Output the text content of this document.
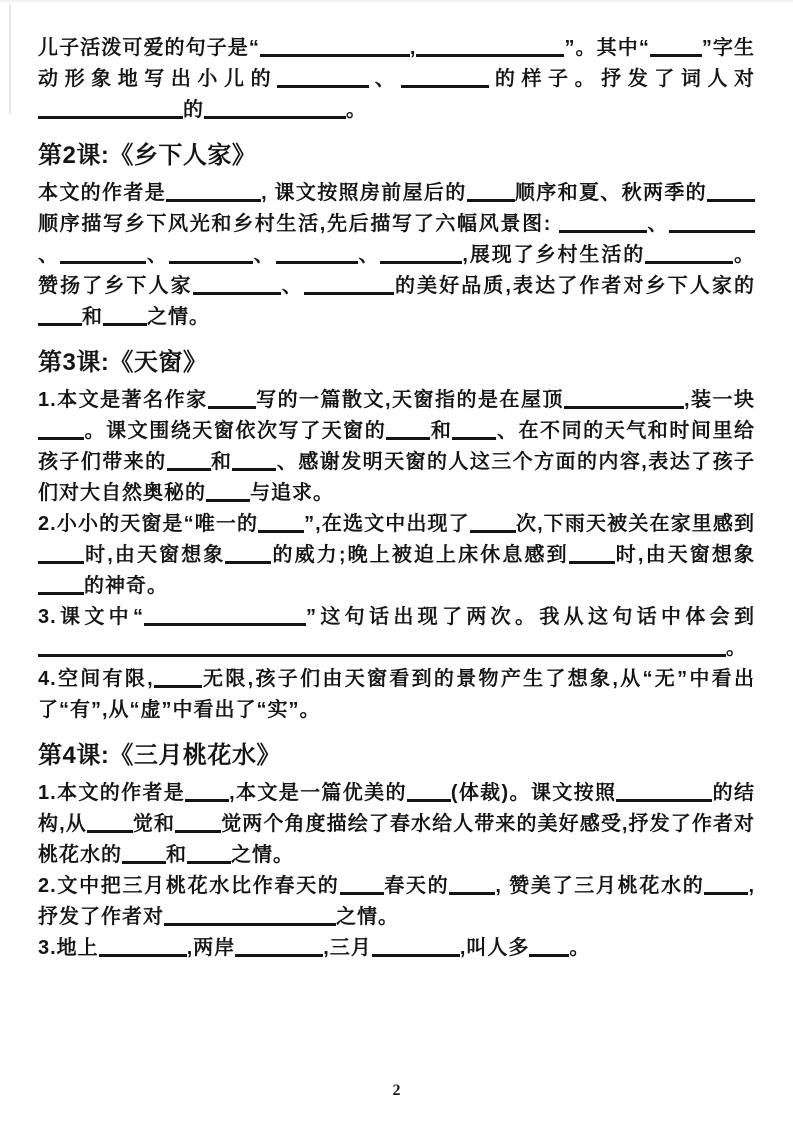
儿子活泼可爱的句子是“	,	”。其中“	”字生动形象地写出小儿的	、	的样子。抒发了词人对的	。

第2课:《乡下人家》

本文的作者是	, 课文按照房前屋后的 顺序和夏、秋两季的顺序描写乡下风光和乡村生活,先后描写了六幅风景图:	、、	、	、	、	,展现了乡村生活的	。赞扬了乡下人家	、	的美好品质,表达了作者对乡下人家的和 之情。

第3课:《天窗》

1.本文是著名作家 写的一篇散文,天窗指的是在屋顶	,装一块。课文围绕天窗依次写了天窗的 和 、在不同的天气和时间里给孩子们带来的 和 、感谢发明天窗的人这三个方面的内容,表达了孩子们对大自然奥秘的 与追求。

2.小小的天窗是“唯一的 ”,在选文中出现了 次,下雨天被关在家里感到时,由天窗想象 的威力;晚上被迫上床休息感到 时,由天窗想象的神奇。

3.课文中“	”这句话出现了两次。我从这句话中体会到。

4.空间有限, 无限,孩子们由天窗看到的景物产生了想象,从“无”中看出了“有”,从“虚”中看出了“实”。

第4课:《三月桃花水》

1.本文的作者是 ,本文是一篇优美的 (体裁)。课文按照	的结构,从 觉和 觉两个角度描绘了春水给人带来的美好感受,抒发了作者对桃花水的 和 之情。

2.文中把三月桃花水比作春天的 春天的 , 赞美了三月桃花水的 ,抒发了作者对	之情。

3.地上	,两岸	,三月	,叫人多 。

2
